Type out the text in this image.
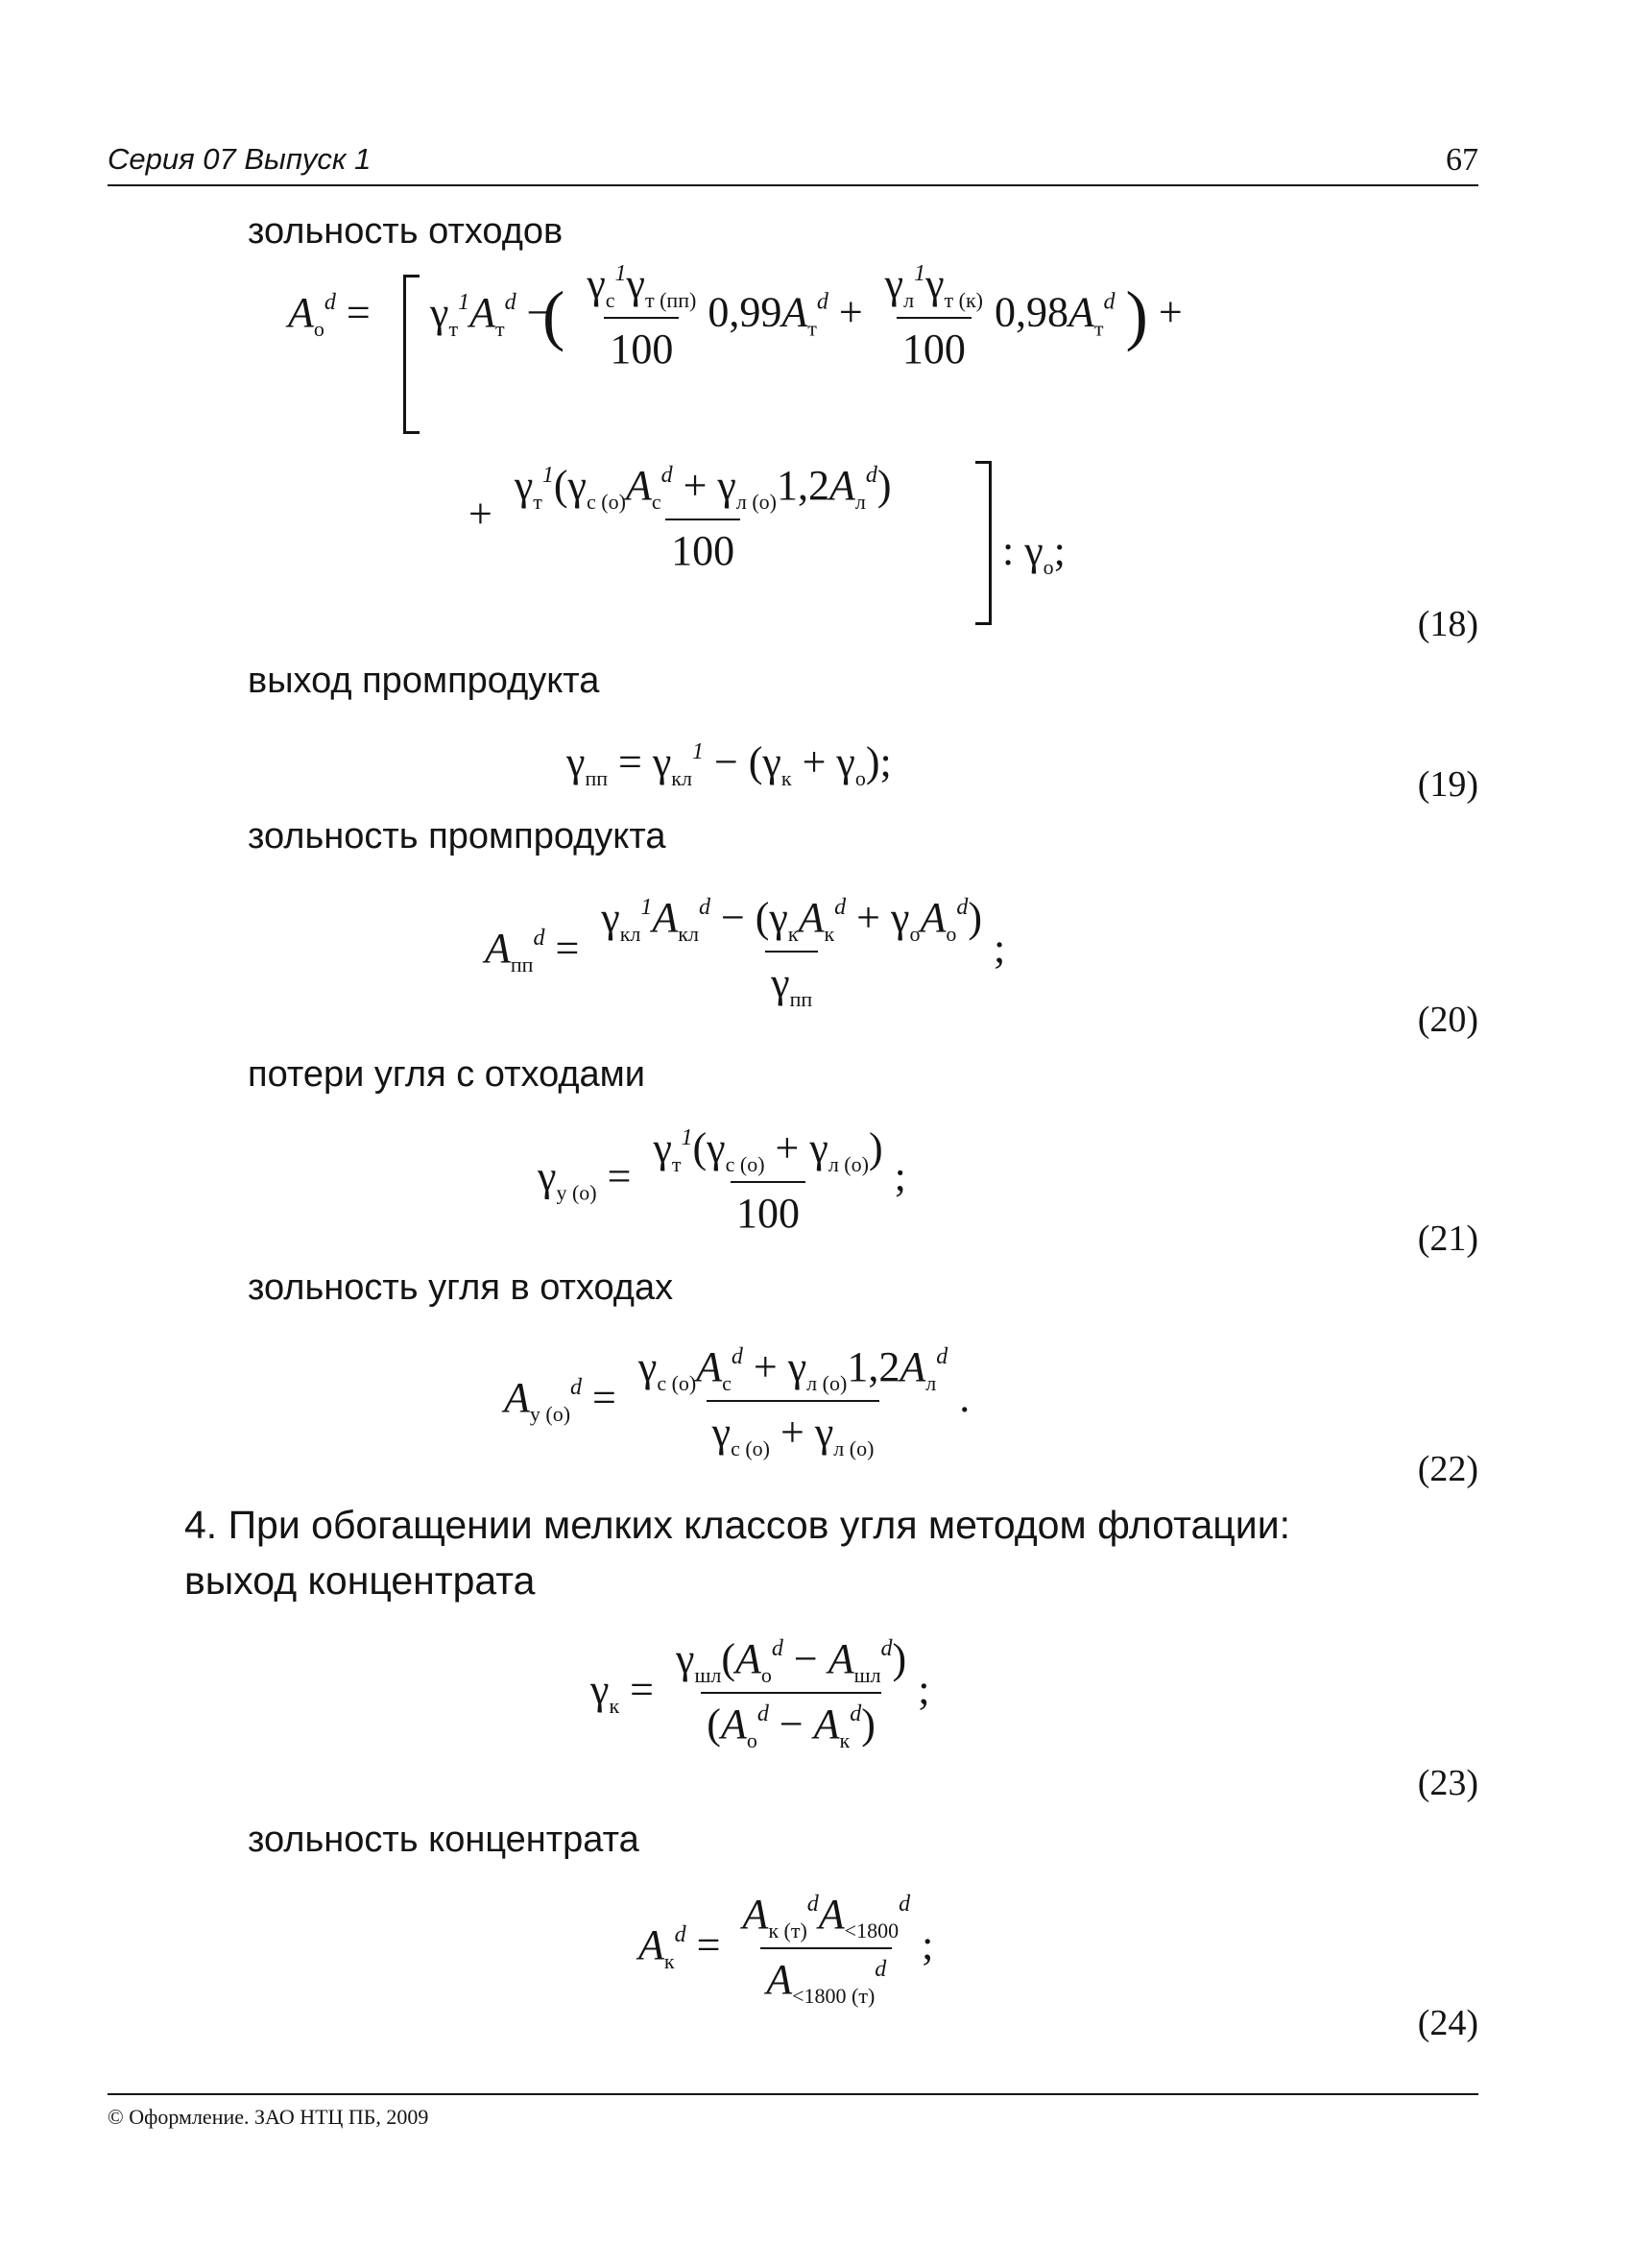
Серия 07 Выпуск 1	67
зольность отходов
$A_о^d = \gamma_т^1A_т^d$ −
( $\frac{\gamma_с^1\gamma_{т (пп)}}{100} 0,99A_т^d + \frac{\gamma_л^1\gamma_{т (к)}}{100} 0,98A_т^d$ ) +
+ $\frac{\gamma_т^1(\gamma_{с (о)}A_с^d + \gamma_{л (о)}1,2A_л^d)}{100}$ : $\gamma_о$;
(18)
выход промпродукта
$\gamma_{пп} = \gamma_{кл}^1 - (\gamma_к + \gamma_о)$;	(19)
зольность промпродукта
$A_{пп}^d = \frac{\gamma_{кл}^1A_{кл}^d - (\gamma_кA_к^d + \gamma_оA_о^d)}{\gamma_{пп}}$ ;
(20)
потери угля с отходами
$\gamma_{у (о)} = \frac{\gamma_т^1(\gamma_{с (о)} + \gamma_{л (о)})}{100}$ ;
(21)
зольность угля в отходах
$A_{у (о)}^d = \frac{\gamma_{с (о)}A_с^d + \gamma_{л (о)}1,2A_л^d}{\gamma_{с (о)} + \gamma_{л (о)}}$ .
(22)
4. При обогащении мелких классов угля методом флотации:
выход концентрата
$\gamma_к = \frac{\gamma_{шл}(A_о^d - A_{шл}^d)}{(A_о^d - A_к^d)}$ ;
(23)
зольность концентрата
$A_к^d = \frac{A_{к (т)}^dA_{<1800}^d}{A_{<1800 (т)}^d}$ ;
(24)
© Оформление. ЗАО НТЦ ПБ, 2009
